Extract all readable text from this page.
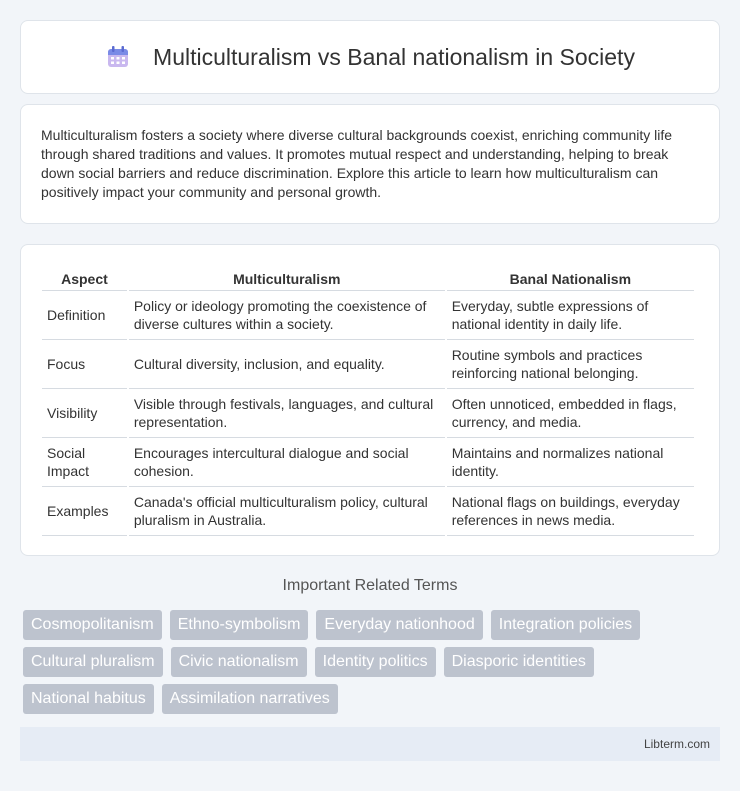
Multiculturalism vs Banal nationalism in Society

Multiculturalism fosters a society where diverse cultural backgrounds coexist, enriching community life through shared traditions and values. It promotes mutual respect and understanding, helping to break down social barriers and reduce discrimination. Explore this article to learn how multiculturalism can positively impact your community and personal growth.

Aspect	Multiculturalism	Banal Nationalism
Definition	Policy or ideology promoting the coexistence of diverse cultures within a society.	Everyday, subtle expressions of national identity in daily life.
Focus	Cultural diversity, inclusion, and equality.	Routine symbols and practices reinforcing national belonging.
Visibility	Visible through festivals, languages, and cultural representation.	Often unnoticed, embedded in flags, currency, and media.
Social Impact	Encourages intercultural dialogue and social cohesion.	Maintains and normalizes national identity.
Examples	Canada's official multiculturalism policy, cultural pluralism in Australia.	National flags on buildings, everyday references in news media.
Important Related Terms
Cosmopolitanism	Ethno-symbolism	Everyday nationhood	Integration policies
Cultural pluralism	Civic nationalism	Identity politics	Diasporic identities
National habitus	Assimilation narratives
Libterm.com
